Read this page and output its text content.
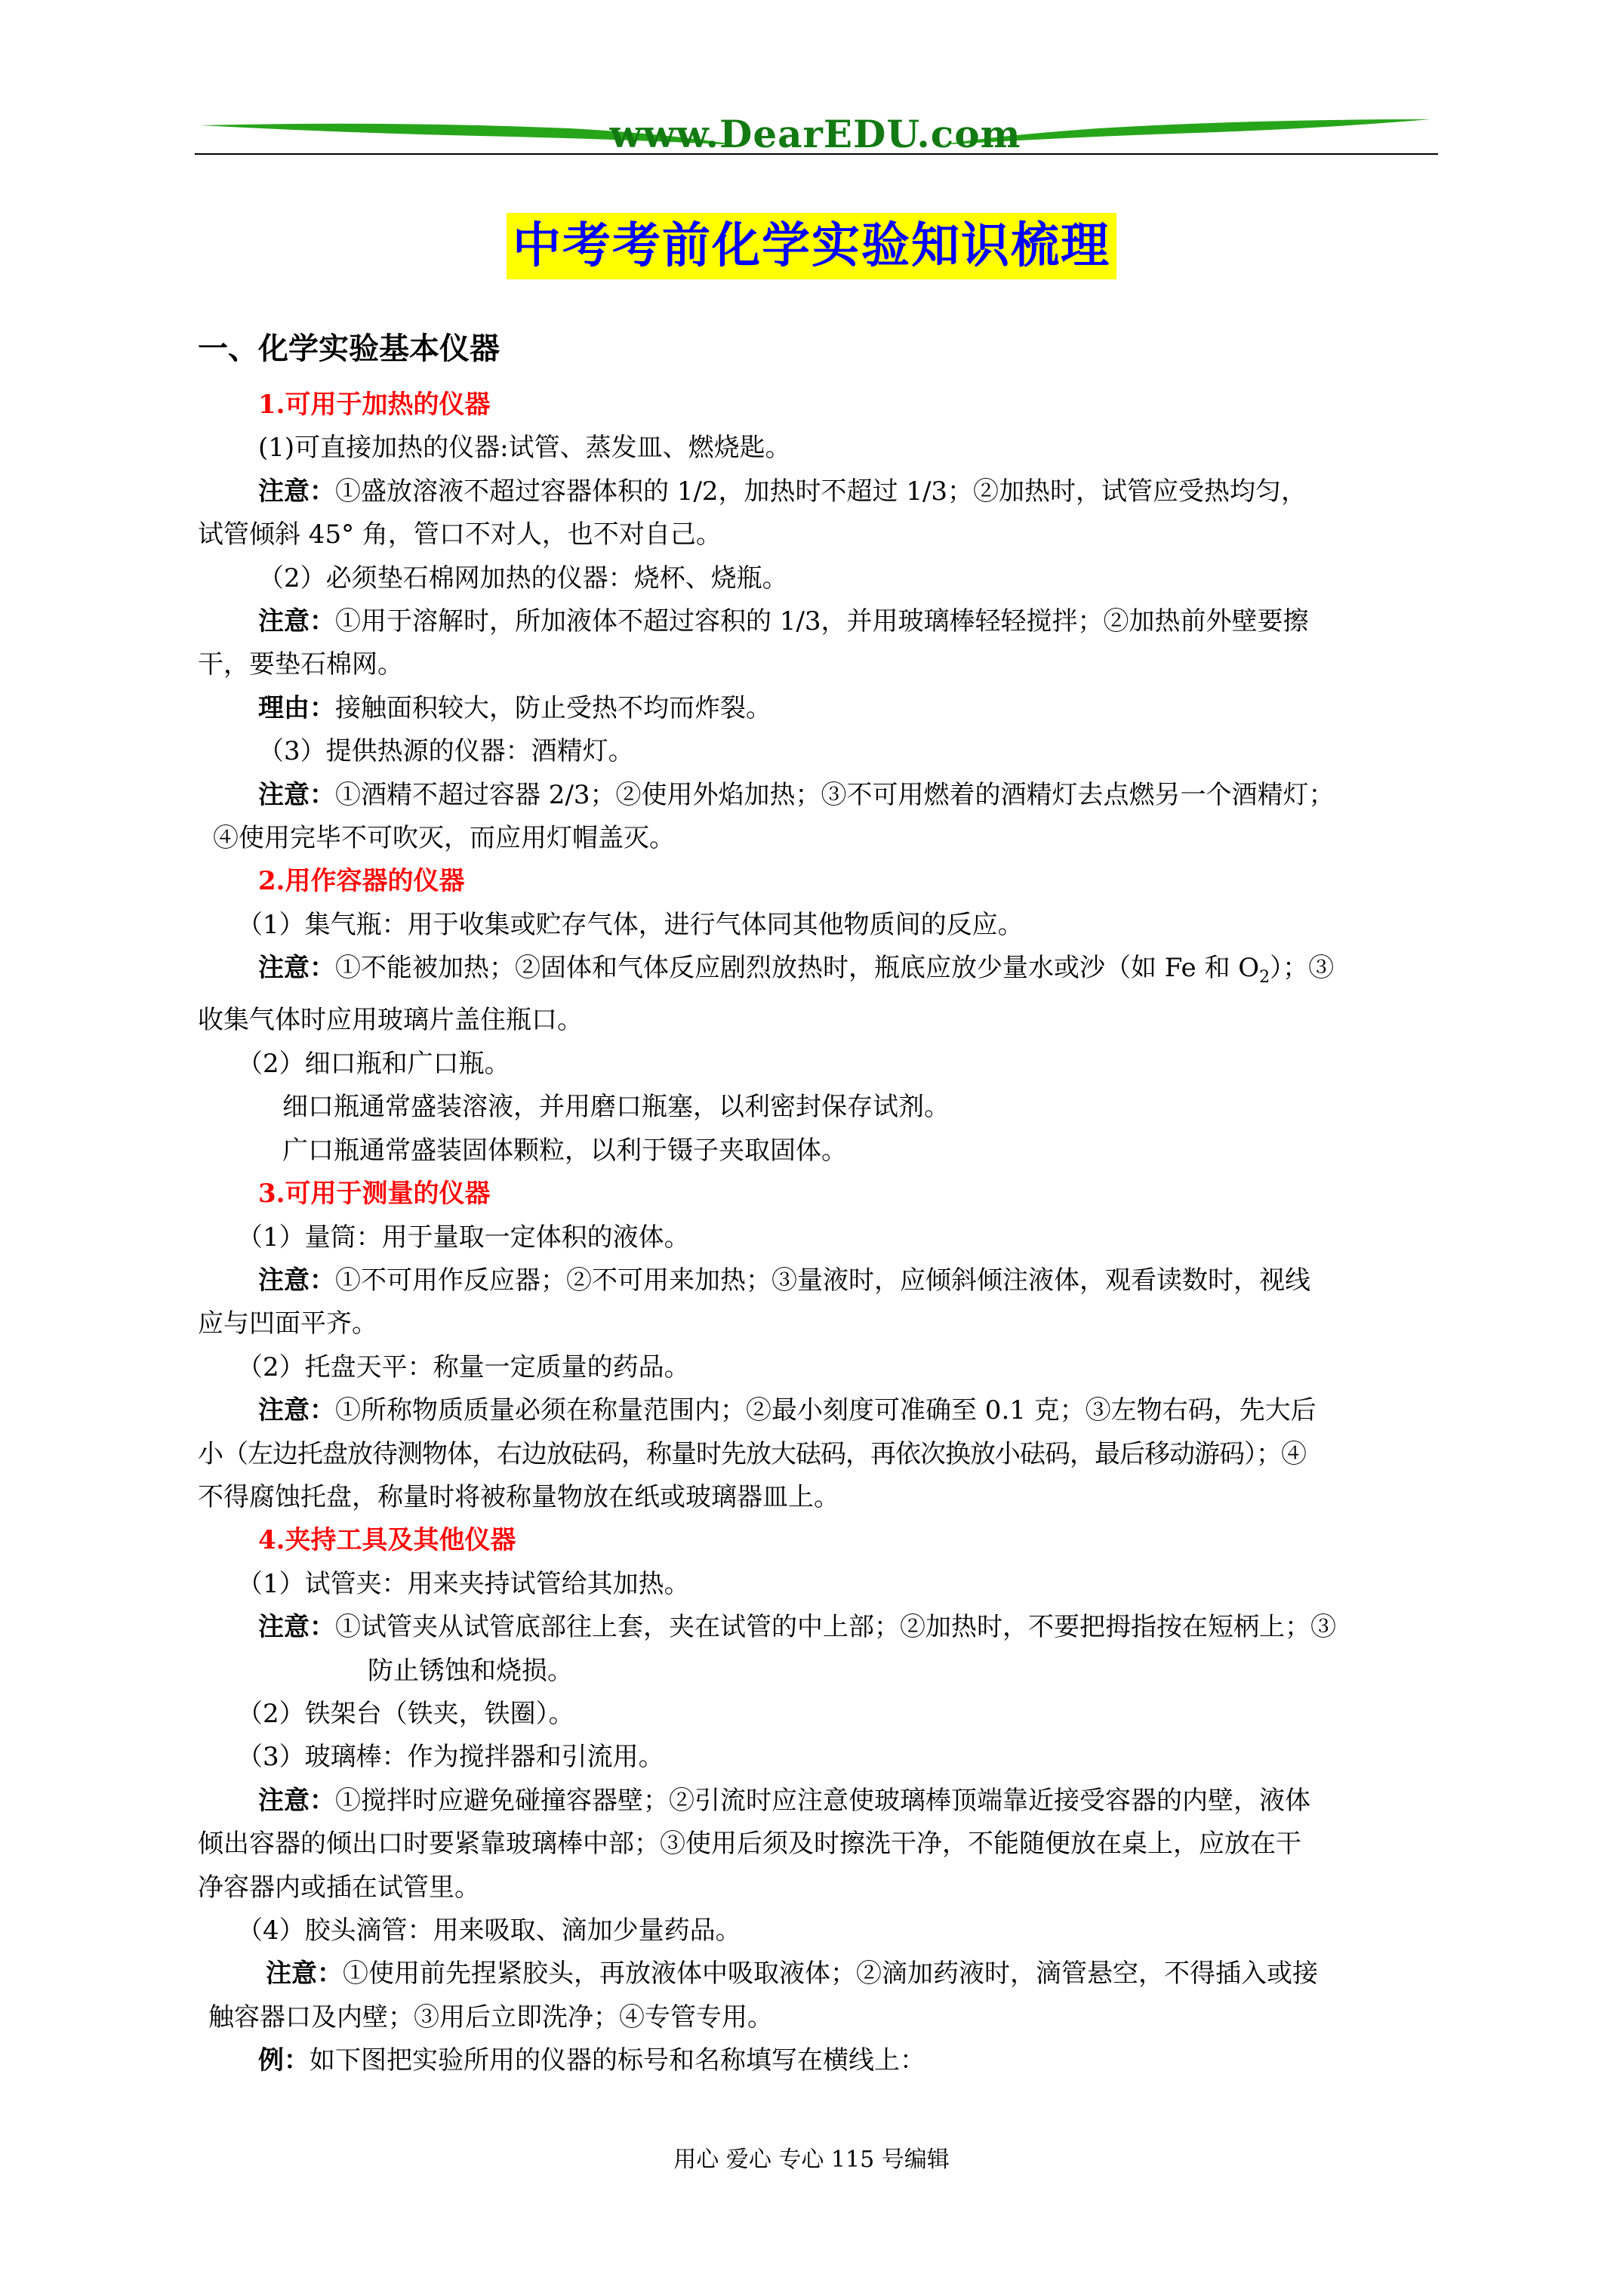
www.DearEDU.com
中考考前化学实验知识梳理
一、化学实验基本仪器

1.可用于加热的仪器

(1)可直接加热的仪器:试管、蒸发皿、燃烧匙。

注意：①盛放溶液不超过容器体积的 1/2，加热时不超过 1/3；②加热时，试管应受热均匀，

试管倾斜 45° 角，管口不对人，也不对自己。

（2）必须垫石棉网加热的仪器：烧杯、烧瓶。

注意：①用于溶解时，所加液体不超过容积的 1/3，并用玻璃棒轻轻搅拌；②加热前外壁要擦

干，要垫石棉网。

理由：接触面积较大，防止受热不均而炸裂。

（3）提供热源的仪器：酒精灯。

注意：①酒精不超过容器 2/3；②使用外焰加热；③不可用燃着的酒精灯去点燃另一个酒精灯；

④使用完毕不可吹灭，而应用灯帽盖灭。

2.用作容器的仪器

（1）集气瓶：用于收集或贮存气体，进行气体同其他物质间的反应。

注意：①不能被加热；②固体和气体反应剧烈放热时，瓶底应放少量水或沙（如 Fe 和 $O_2$）；③

收集气体时应用玻璃片盖住瓶口。

（2）细口瓶和广口瓶。

细口瓶通常盛装溶液，并用磨口瓶塞，以利密封保存试剂。

广口瓶通常盛装固体颗粒，以利于镊子夹取固体。

3.可用于测量的仪器

（1）量筒：用于量取一定体积的液体。

注意：①不可用作反应器；②不可用来加热；③量液时，应倾斜倾注液体，观看读数时，视线

应与凹面平齐。

（2）托盘天平：称量一定质量的药品。

注意：①所称物质质量必须在称量范围内；②最小刻度可准确至 0.1 克；③左物右码，先大后

小（左边托盘放待测物体，右边放砝码，称量时先放大砝码，再依次换放小砝码，最后移动游码）；④

不得腐蚀托盘，称量时将被称量物放在纸或玻璃器皿上。

4.夹持工具及其他仪器

（1）试管夹：用来夹持试管给其加热。

注意：①试管夹从试管底部往上套，夹在试管的中上部；②加热时，不要把拇指按在短柄上；③

防止锈蚀和烧损。

（2）铁架台（铁夹，铁圈）。

（3）玻璃棒：作为搅拌器和引流用。

注意：①搅拌时应避免碰撞容器壁；②引流时应注意使玻璃棒顶端靠近接受容器的内壁，液体

倾出容器的倾出口时要紧靠玻璃棒中部；③使用后须及时擦洗干净，不能随便放在桌上，应放在干

净容器内或插在试管里。

（4）胶头滴管：用来吸取、滴加少量药品。

注意：①使用前先捏紧胶头，再放液体中吸取液体；②滴加药液时，滴管悬空，不得插入或接

触容器口及内壁；③用后立即洗净；④专管专用。

例：如下图把实验所用的仪器的标号和名称填写在横线上：

用心 爱心 专心 115 号编辑
